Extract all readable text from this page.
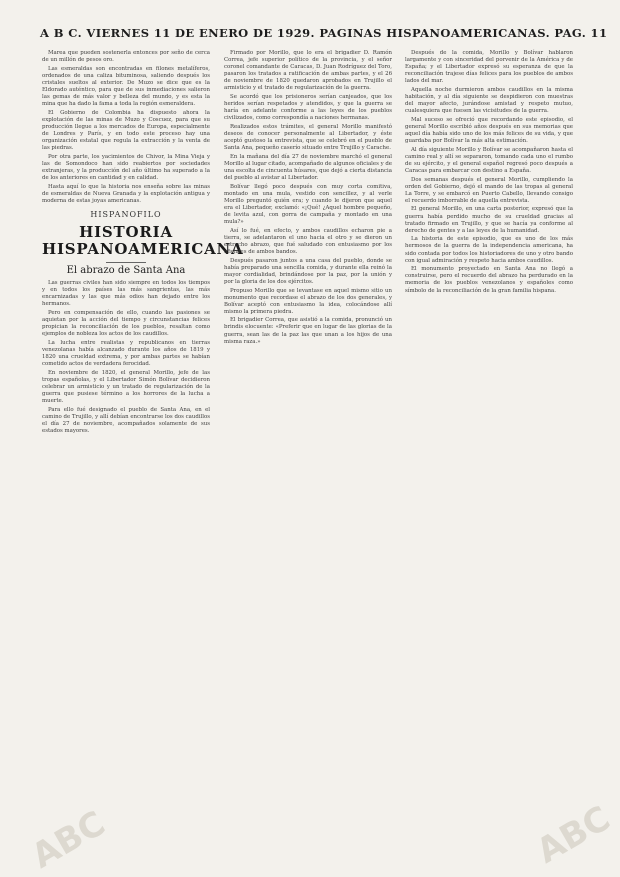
A B C. VIERNES 11 DE ENERO DE 1929. PAGINAS HISPANOAMERICANAS. PAG. 11

Marea que pueden sostenerla entonces por seño de cerca de un millón de pesos oro.

Las esmeraldas son encontradas en filones metalíferos, ordenados de una caliza bituminosa, saliendo después los cristales sueltos al exterior. De Muzo se dice que es la Eldorado auténtico, para que de sus inmediaciones salieron las gemas de más valor y belleza del mundo, y es esta la mina que ha dado la fama a toda la región esmeraldera.

El Gobierno de Colombia ha dispuesto ahora la explotación de las minas de Muzo y Coscuez, para que su producción llegue a los mercados de Europa, especialmente de Londres y París, y en todo este proceso hay una organización estatal que regula la extracción y la venta de las piedras.

Por otra parte, los yacimientos de Chivor, la Mina Vieja y las de Somondoco han sido reabiertos por sociedades extranjeras, y la producción del año último ha superado a la de los anteriores en cantidad y en calidad.

Hasta aquí lo que la historia nos enseña sobre las minas de esmeraldas de Nueva Granada y la explotación antigua y moderna de estas joyas americanas.

HISPANOFILO
HISTORIA HISPANOAMERICANA
El abrazo de Santa Ana

Las guerras civiles han sido siempre en todos los tiempos y en todos los países las más sangrientas, las más encarnizadas y las que más odios han dejado entre los hermanos.

Pero en compensación de ello, cuando las pasiones se aquietan por la acción del tiempo y circunstancias felices propician la reconciliación de los pueblos, resaltan como ejemplos de nobleza los actos de los caudillos.

La lucha entre realistas y republicanos en tierras venezolanas había alcanzado durante los años de 1819 y 1820 una crueldad extrema, y por ambas partes se habían cometido actos de verdadera ferocidad.

En noviembre de 1820, el general Morillo, jefe de las tropas españolas, y el Libertador Simón Bolívar decidieron celebrar un armisticio y un tratado de regularización de la guerra que pusiese término a los horrores de la lucha a muerte.

Para ello fué designado el pueblo de Santa Ana, en el camino de Trujillo, y allí debían encontrarse los dos caudillos el día 27 de noviembre, acompañados solamente de sus estados mayores.

Firmado por Morillo, que lo era el brigadier D. Ramón Correa, jefe superior político de la provincia, y el señor coronel comandante de Caracas, D. Juan Rodríguez del Toro, pasaron los tratados a ratificación de ambas partes, y el 26 de noviembre de 1820 quedaron aprobados en Trujillo el armisticio y el tratado de regularización de la guerra.

Se acordó que los prisioneros serían canjeados, que los heridos serían respetados y atendidos, y que la guerra se haría en adelante conforme a las leyes de los pueblos civilizados, como correspondía a naciones hermanas.

Realizados estos trámites, el general Morillo manifestó deseos de conocer personalmente al Libertador, y éste aceptó gustoso la entrevista, que se celebró en el pueblo de Santa Ana, pequeño caserío situado entre Trujillo y Carache.

En la mañana del día 27 de noviembre marchó el general Morillo al lugar citado, acompañado de algunos oficiales y de una escolta de cincuenta húsares, que dejó a cierta distancia del pueblo al avistar al Libertador.

Bolívar llegó poco después con muy corta comitiva, montado en una mula, vestido con sencillez, y al verle Morillo preguntó quién era; y cuando le dijeron que aquel era el Libertador, exclamó: «¡Qué! ¿Aquel hombre pequeño, de levita azul, con gorra de campaña y montado en una mula?»

Así lo fué, en efecto, y ambos caudillos echaron pie a tierra, se adelantaron el uno hacia el otro y se dieron un estrecho abrazo, que fué saludado con entusiasmo por los oficiales de ambos bandos.

Después pasaron juntos a una casa del pueblo, donde se había preparado una sencilla comida, y durante ella reinó la mayor cordialidad, brindándose por la paz, por la unión y por la gloria de los dos ejércitos.

Propuso Morillo que se levantase en aquel mismo sitio un monumento que recordase el abrazo de los dos generales, y Bolívar aceptó con entusiasmo la idea, colocándose allí mismo la primera piedra.

El brigadier Correa, que asistió a la comida, pronunció un brindis elocuente: «Preferir que en lugar de las glorias de la guerra, sean las de la paz las que unan a los hijos de una misma raza.»

Después de la comida, Morillo y Bolívar hablaron largamente y con sinceridad del porvenir de la América y de España; y el Libertador expresó su esperanza de que la reconciliación trajese días felices para los pueblos de ambos lados del mar.

Aquella noche durmieron ambos caudillos en la misma habitación, y al día siguiente se despidieron con muestras del mayor afecto, jurándose amistad y respeto mutuo, cualesquiera que fuesen las vicisitudes de la guerra.

Mal suceso se ofreció que recordando este episodio, el general Morillo escribió años después en sus memorias que aquel día había sido uno de los más felices de su vida, y que guardaba por Bolívar la más alta estimación.

Al día siguiente Morillo y Bolívar se acompañaron hasta el camino real y allí se separaron, tomando cada uno el rumbo de su ejército, y el general español regresó poco después a Caracas para embarcar con destino a España.

Dos semanas después el general Morillo, cumpliendo la orden del Gobierno, dejó el mando de las tropas al general La Torre, y se embarcó en Puerto Cabello, llevando consigo el recuerdo imborrable de aquella entrevista.

El general Morillo, en una carta posterior, expresó que la guerra había perdido mucho de su crueldad gracias al tratado firmado en Trujillo, y que se hacía ya conforme al derecho de gentes y a las leyes de la humanidad.

La historia de este episodio, que es uno de los más hermosos de la guerra de la independencia americana, ha sido contada por todos los historiadores de uno y otro bando con igual admiración y respeto hacia ambos caudillos.

El monumento proyectado en Santa Ana no llegó a construirse, pero el recuerdo del abrazo ha perdurado en la memoria de los pueblos venezolanos y españoles como símbolo de la reconciliación de la gran familia hispana.

ABC	ABC
